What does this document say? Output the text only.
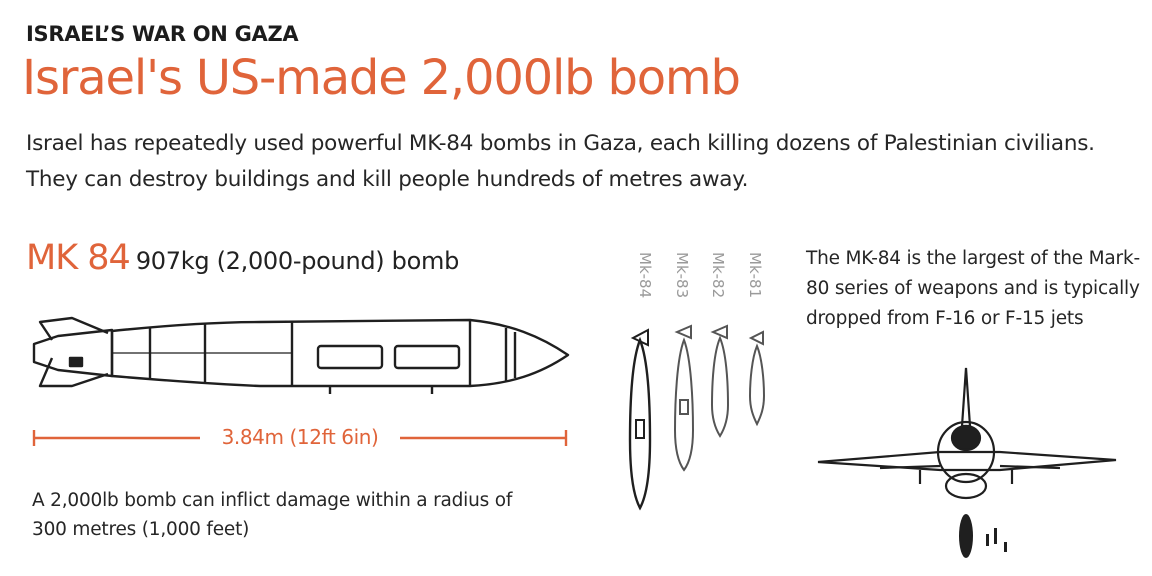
ISRAEL’S WAR ON GAZA
Israel's US-made 2,000lb bomb
Israel has repeatedly used powerful MK-84 bombs in Gaza, each killing dozens of Palestinian civilians. They can destroy buildings and kill people hundreds of metres away.
MK 84 907kg (2,000-pound) bomb
3.84m (12ft 6in)
Mk-84 Mk-83 Mk-82 Mk-81
A 2,000lb bomb can inflict damage within a radius of 300 metres (1,000 feet)
The MK-84 is the largest of the Mark-80 series of weapons and is typically dropped from F-16 or F-15 jets
